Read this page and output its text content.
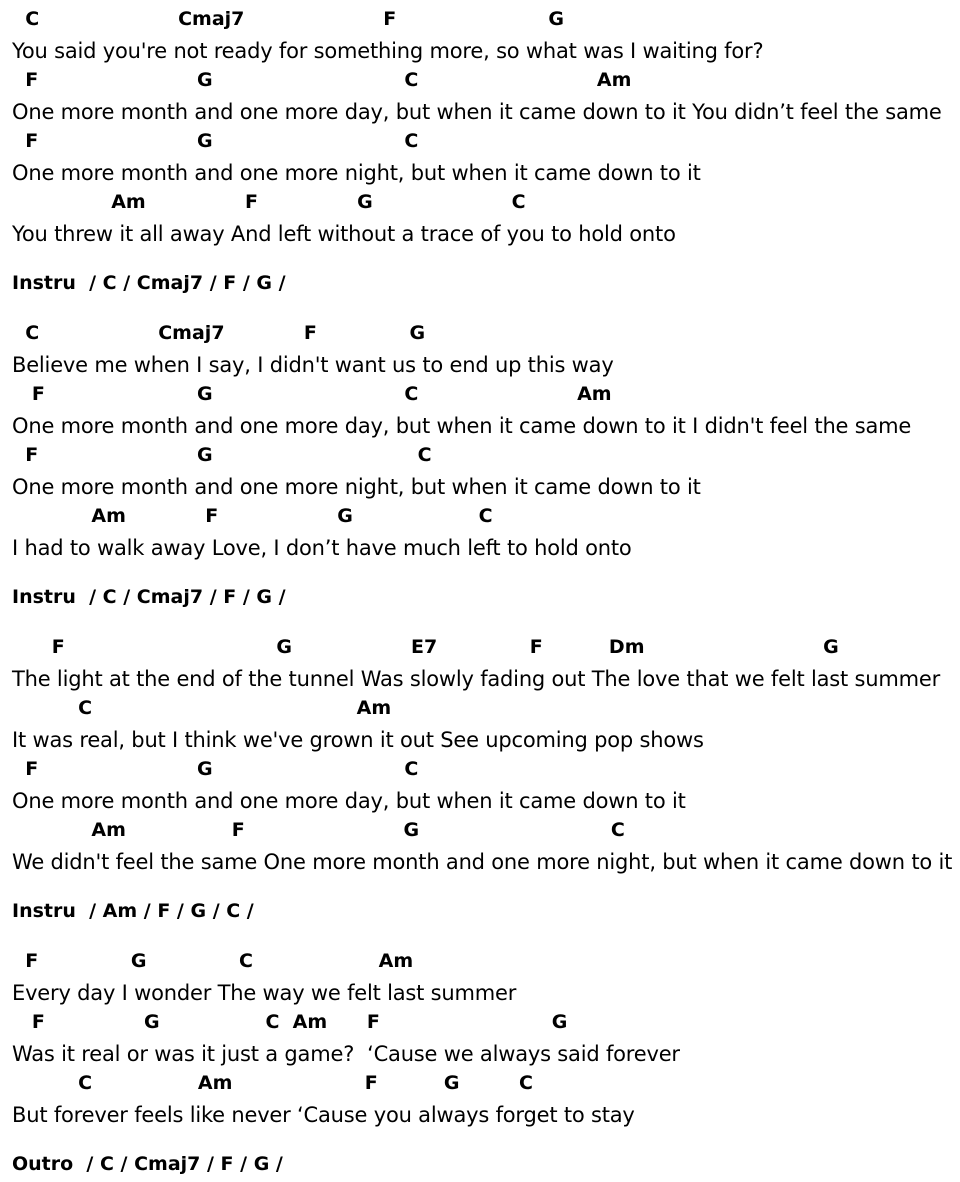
C                     Cmaj7                     F                       G
You said you're not ready for something more, so what was I waiting for?
F                        G                             C                           Am
One more month and one more day, but when it came down to it You didn’t feel the same
F                        G                             C
One more month and one more night, but when it came down to it
Am               F               G                     C
You threw it all away And left without a trace of you to hold onto
Instru  / C / Cmaj7 / F / G /
C                  Cmaj7            F              G
Believe me when I say, I didn't want us to end up this way
F                       G                             C                        Am
One more month and one more day, but when it came down to it I didn't feel the same
F                        G                               C
One more month and one more night, but when it came down to it
Am            F                  G                   C
I had to walk away Love, I don’t have much left to hold onto
Instru  / C / Cmaj7 / F / G /
F                                G                  E7              F          Dm                           G
The light at the end of the tunnel Was slowly fading out The love that we felt last summer
C                                        Am
It was real, but I think we've grown it out See upcoming pop shows
F                        G                             C
One more month and one more day, but when it came down to it
Am                F                        G                             C
We didn't feel the same One more month and one more night, but when it came down to it
Instru  / Am / F / G / C /
F              G              C                   Am
Every day I wonder The way we felt last summer
F               G                C  Am      F                          G
Was it real or was it just a game?  ‘Cause we always said forever
C                Am                    F          G         C
But forever feels like never ‘Cause you always forget to stay
Outro  / C / Cmaj7 / F / G /
